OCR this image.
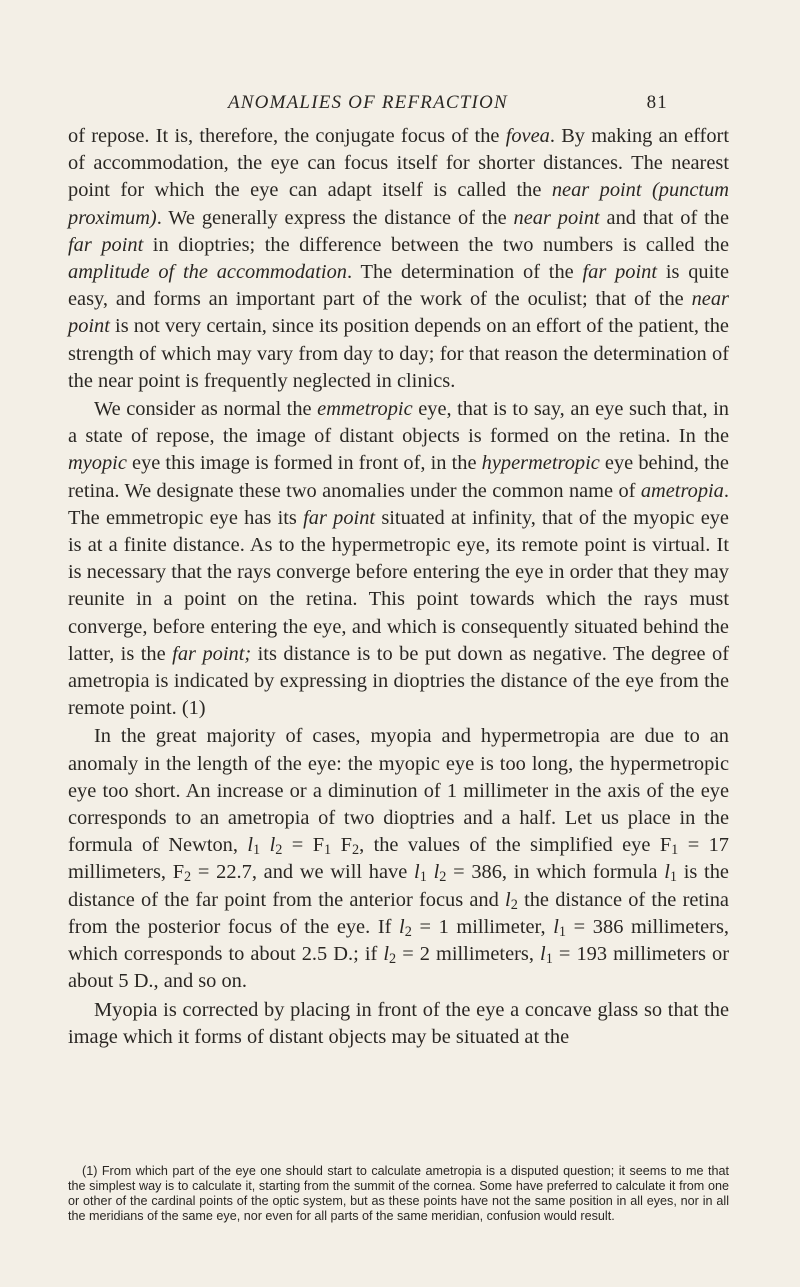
ANOMALIES OF REFRACTION	81

of repose. It is, therefore, the conjugate focus of the fovea. By making an effort of accommodation, the eye can focus itself for shorter distances. The nearest point for which the eye can adapt itself is called the near point (punctum proximum). We generally express the distance of the near point and that of the far point in dioptries; the difference between the two numbers is called the amplitude of the accommodation. The determination of the far point is quite easy, and forms an important part of the work of the oculist; that of the near point is not very certain, since its position depends on an effort of the patient, the strength of which may vary from day to day; for that reason the determination of the near point is frequently neglected in clinics.

We consider as normal the emmetropic eye, that is to say, an eye such that, in a state of repose, the image of distant objects is formed on the retina. In the myopic eye this image is formed in front of, in the hypermetropic eye behind, the retina. We designate these two anomalies under the common name of ametropia. The emmetropic eye has its far point situated at infinity, that of the myopic eye is at a finite distance. As to the hypermetropic eye, its remote point is virtual. It is necessary that the rays converge before entering the eye in order that they may reunite in a point on the retina. This point towards which the rays must converge, before entering the eye, and which is consequently situated behind the latter, is the far point; its distance is to be put down as negative. The degree of ametropia is indicated by expressing in dioptries the distance of the eye from the remote point. (1)

In the great majority of cases, myopia and hypermetropia are due to an anomaly in the length of the eye: the myopic eye is too long, the hypermetropic eye too short. An increase or a diminution of 1 millimeter in the axis of the eye corresponds to an ametropia of two dioptries and a half. Let us place in the formula of Newton, $l_1$ $l_2 = F_1$ $F_2$, the values of the simplified eye $F_1 = 17$ millimeters, $F_2 = 22.7$, and we will have $l_1$ $l_2 = 386$, in which formula $l_1$ is the distance of the far point from the anterior focus and $l_2$ the distance of the retina from the posterior focus of the eye. If $l_2 = 1$ millimeter, $l_1 = 386$ millimeters, which corresponds to about 2.5 D.; if $l_2 = 2$ millimeters, $l_1 = 193$ millimeters or about 5 D., and so on.

Myopia is corrected by placing in front of the eye a concave glass so that the image which it forms of distant objects may be situated at the

(1) From which part of the eye one should start to calculate ametropia is a disputed question; it seems to me that the simplest way is to calculate it, starting from the summit of the cornea. Some have preferred to calculate it from one or other of the cardinal points of the optic system, but as these points have not the same position in all eyes, nor in all the meridians of the same eye, nor even for all parts of the same meridian, confusion would result.
